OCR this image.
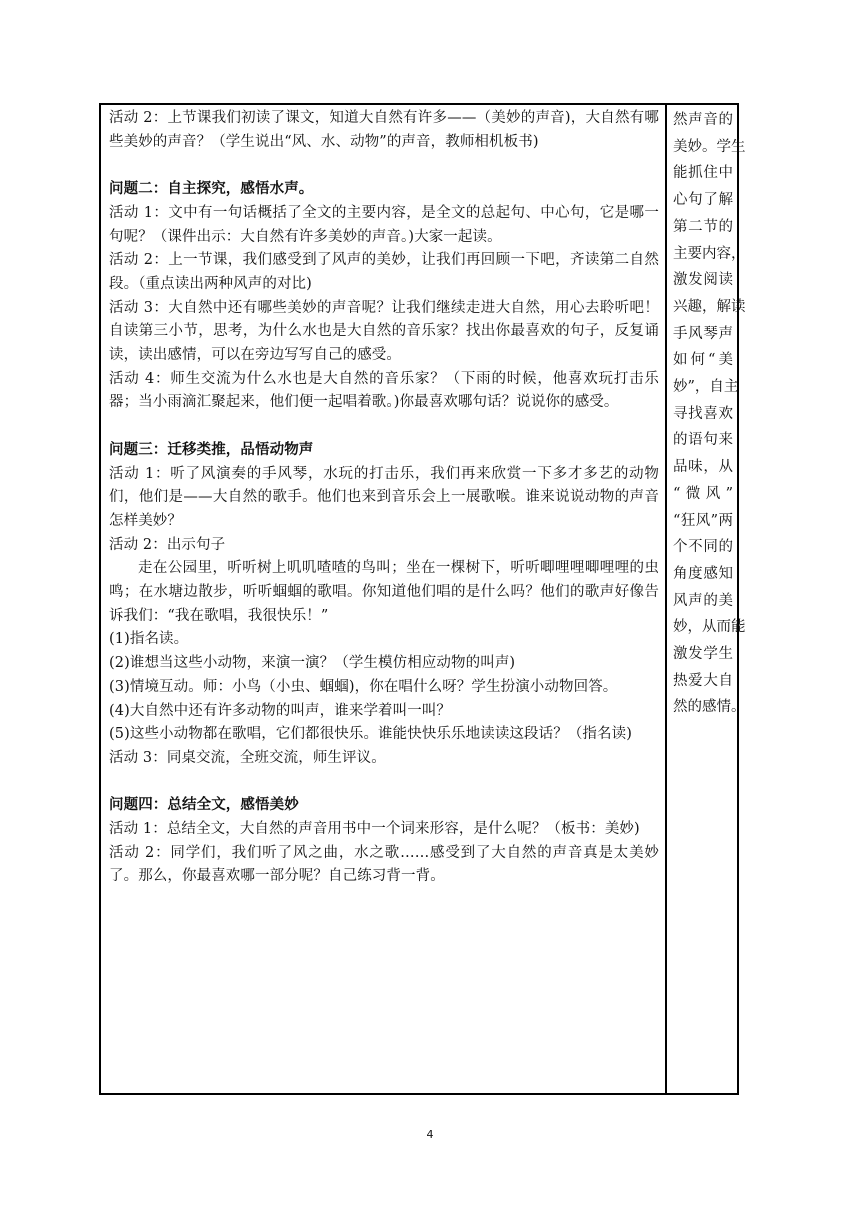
活动 2：上节课我们初读了课文，知道大自然有许多——（美妙的声音)，大自然有哪些美妙的声音？（学生说出“风、水、动物”的声音，教师相机板书)

问题二：自主探究，感悟水声。

活动 1：文中有一句话概括了全文的主要内容，是全文的总起句、中心句，它是哪一句呢？（课件出示：大自然有许多美妙的声音。)大家一起读。

活动 2：上一节课，我们感受到了风声的美妙，让我们再回顾一下吧，齐读第二自然段。（重点读出两种风声的对比)

活动 3：大自然中还有哪些美妙的声音呢？让我们继续走进大自然，用心去聆听吧！自读第三小节，思考，为什么水也是大自然的音乐家？找出你最喜欢的句子，反复诵读，读出感情，可以在旁边写写自己的感受。

活动 4：师生交流为什么水也是大自然的音乐家？（下雨的时候，他喜欢玩打击乐器；当小雨滴汇聚起来，他们便一起唱着歌。)你最喜欢哪句话？说说你的感受。

问题三：迁移类推，品悟动物声

活动 1：听了风演奏的手风琴，水玩的打击乐，我们再来欣赏一下多才多艺的动物们，他们是——大自然的歌手。他们也来到音乐会上一展歌喉。谁来说说动物的声音怎样美妙？

活动 2：出示句子

走在公园里，听听树上叽叽喳喳的鸟叫；坐在一棵树下，听听唧哩哩唧哩哩的虫鸣；在水塘边散步，听听蝈蝈的歌唱。你知道他们唱的是什么吗？他们的歌声好像告诉我们：“我在歌唱，我很快乐！”

(1)指名读。

(2)谁想当这些小动物，来演一演？（学生模仿相应动物的叫声)

(3)情境互动。师：小鸟（小虫、蝈蝈)，你在唱什么呀？学生扮演小动物回答。

(4)大自然中还有许多动物的叫声，谁来学着叫一叫？

(5)这些小动物都在歌唱，它们都很快乐。谁能快快乐乐地读读这段话？（指名读)

活动 3：同桌交流，全班交流，师生评议。

问题四：总结全文，感悟美妙

活动 1：总结全文，大自然的声音用书中一个词来形容，是什么呢？（板书：美妙)

活动 2：同学们，我们听了风之曲，水之歌……感受到了大自然的声音真是太美妙了。那么，你最喜欢哪一部分呢？自己练习背一背。

然声音的
美妙。学生
能抓住中
心句了解
第二节的
主要内容，
激发阅读
兴趣，解读
手风琴声
如何“美
妙”，自主
寻找喜欢
的语句来
品味，从
“微风”
“狂风”两
个不同的
角度感知
风声的美
妙，从而能
激发学生
热爱大自
然的感情。
4
